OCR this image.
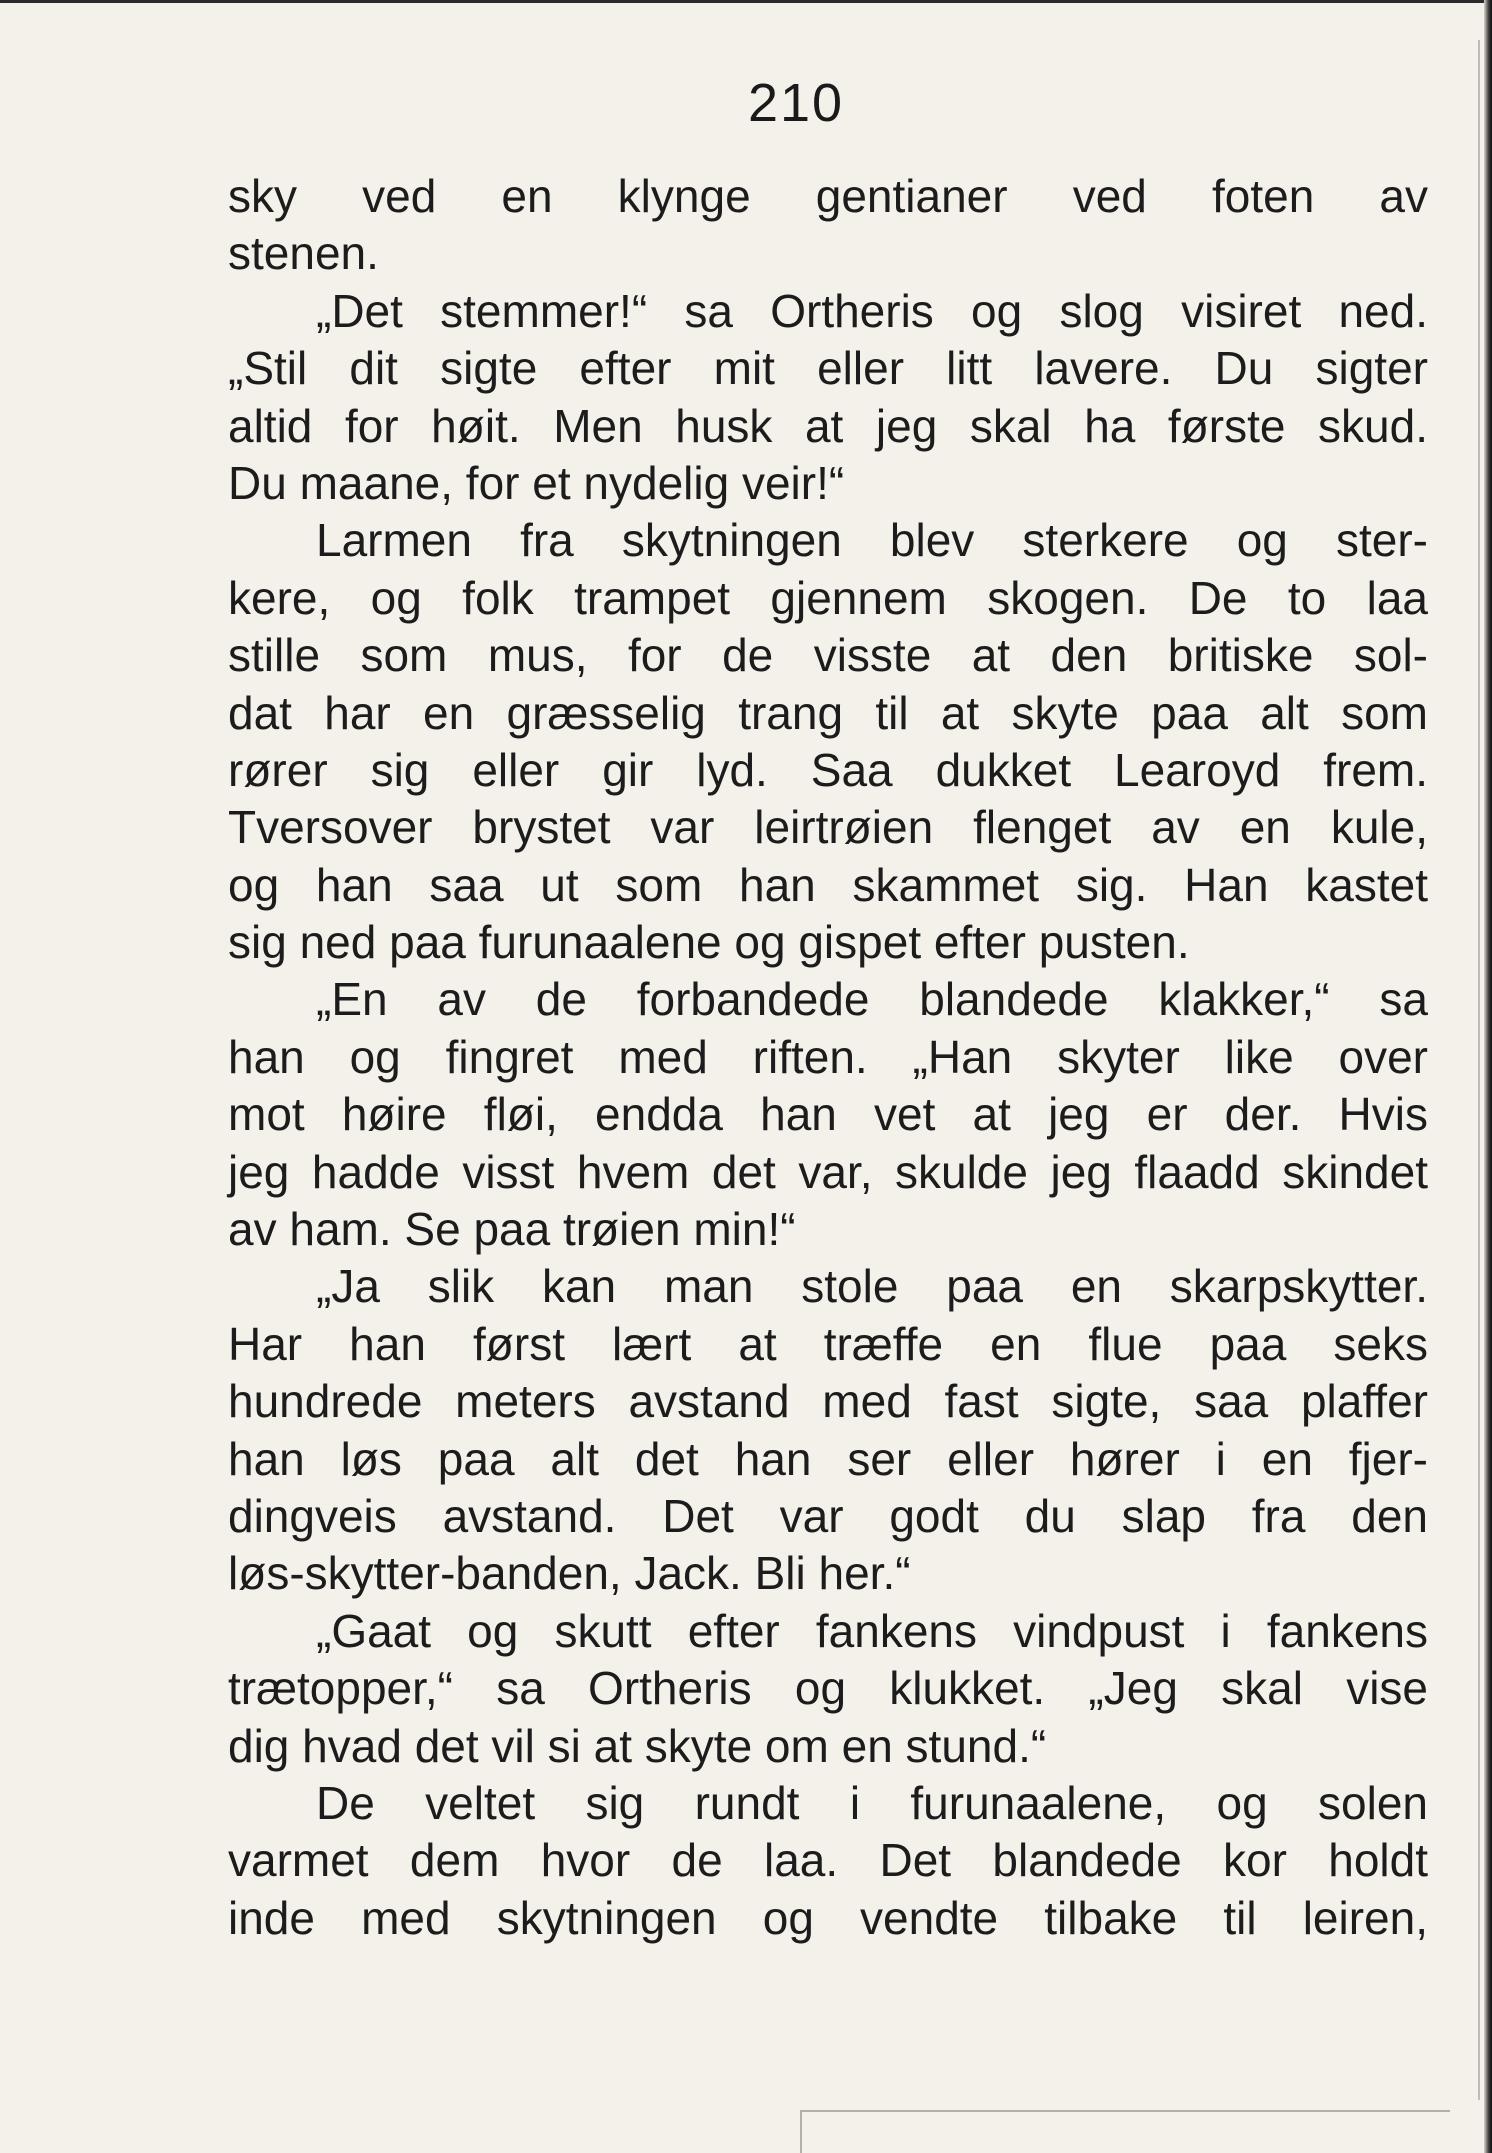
210
sky ved en klynge gentianer ved foten av
stenen.
„Det stemmer!“ sa Ortheris og slog visiret ned.
„Stil dit sigte efter mit eller litt lavere. Du sigter
altid for høit. Men husk at jeg skal ha første skud.
Du maane, for et nydelig veir!“
Larmen fra skytningen blev sterkere og ster-
kere, og folk trampet gjennem skogen. De to laa
stille som mus, for de visste at den britiske sol-
dat har en græsselig trang til at skyte paa alt som
rører sig eller gir lyd. Saa dukket Learoyd frem.
Tversover brystet var leirtrøien flenget av en kule,
og han saa ut som han skammet sig. Han kastet
sig ned paa furunaalene og gispet efter pusten.
„En av de forbandede blandede klakker,“ sa
han og fingret med riften. „Han skyter like over
mot høire fløi, endda han vet at jeg er der. Hvis
jeg hadde visst hvem det var, skulde jeg flaadd skindet
av ham. Se paa trøien min!“
„Ja slik kan man stole paa en skarpskytter.
Har han først lært at træffe en flue paa seks
hundrede meters avstand med fast sigte, saa plaffer
han løs paa alt det han ser eller hører i en fjer-
dingveis avstand. Det var godt du slap fra den
løs-skytter-banden, Jack. Bli her.“
„Gaat og skutt efter fankens vindpust i fankens
trætopper,“ sa Ortheris og klukket. „Jeg skal vise
dig hvad det vil si at skyte om en stund.“
De veltet sig rundt i furunaalene, og solen
varmet dem hvor de laa. Det blandede kor holdt
inde med skytningen og vendte tilbake til leiren,
